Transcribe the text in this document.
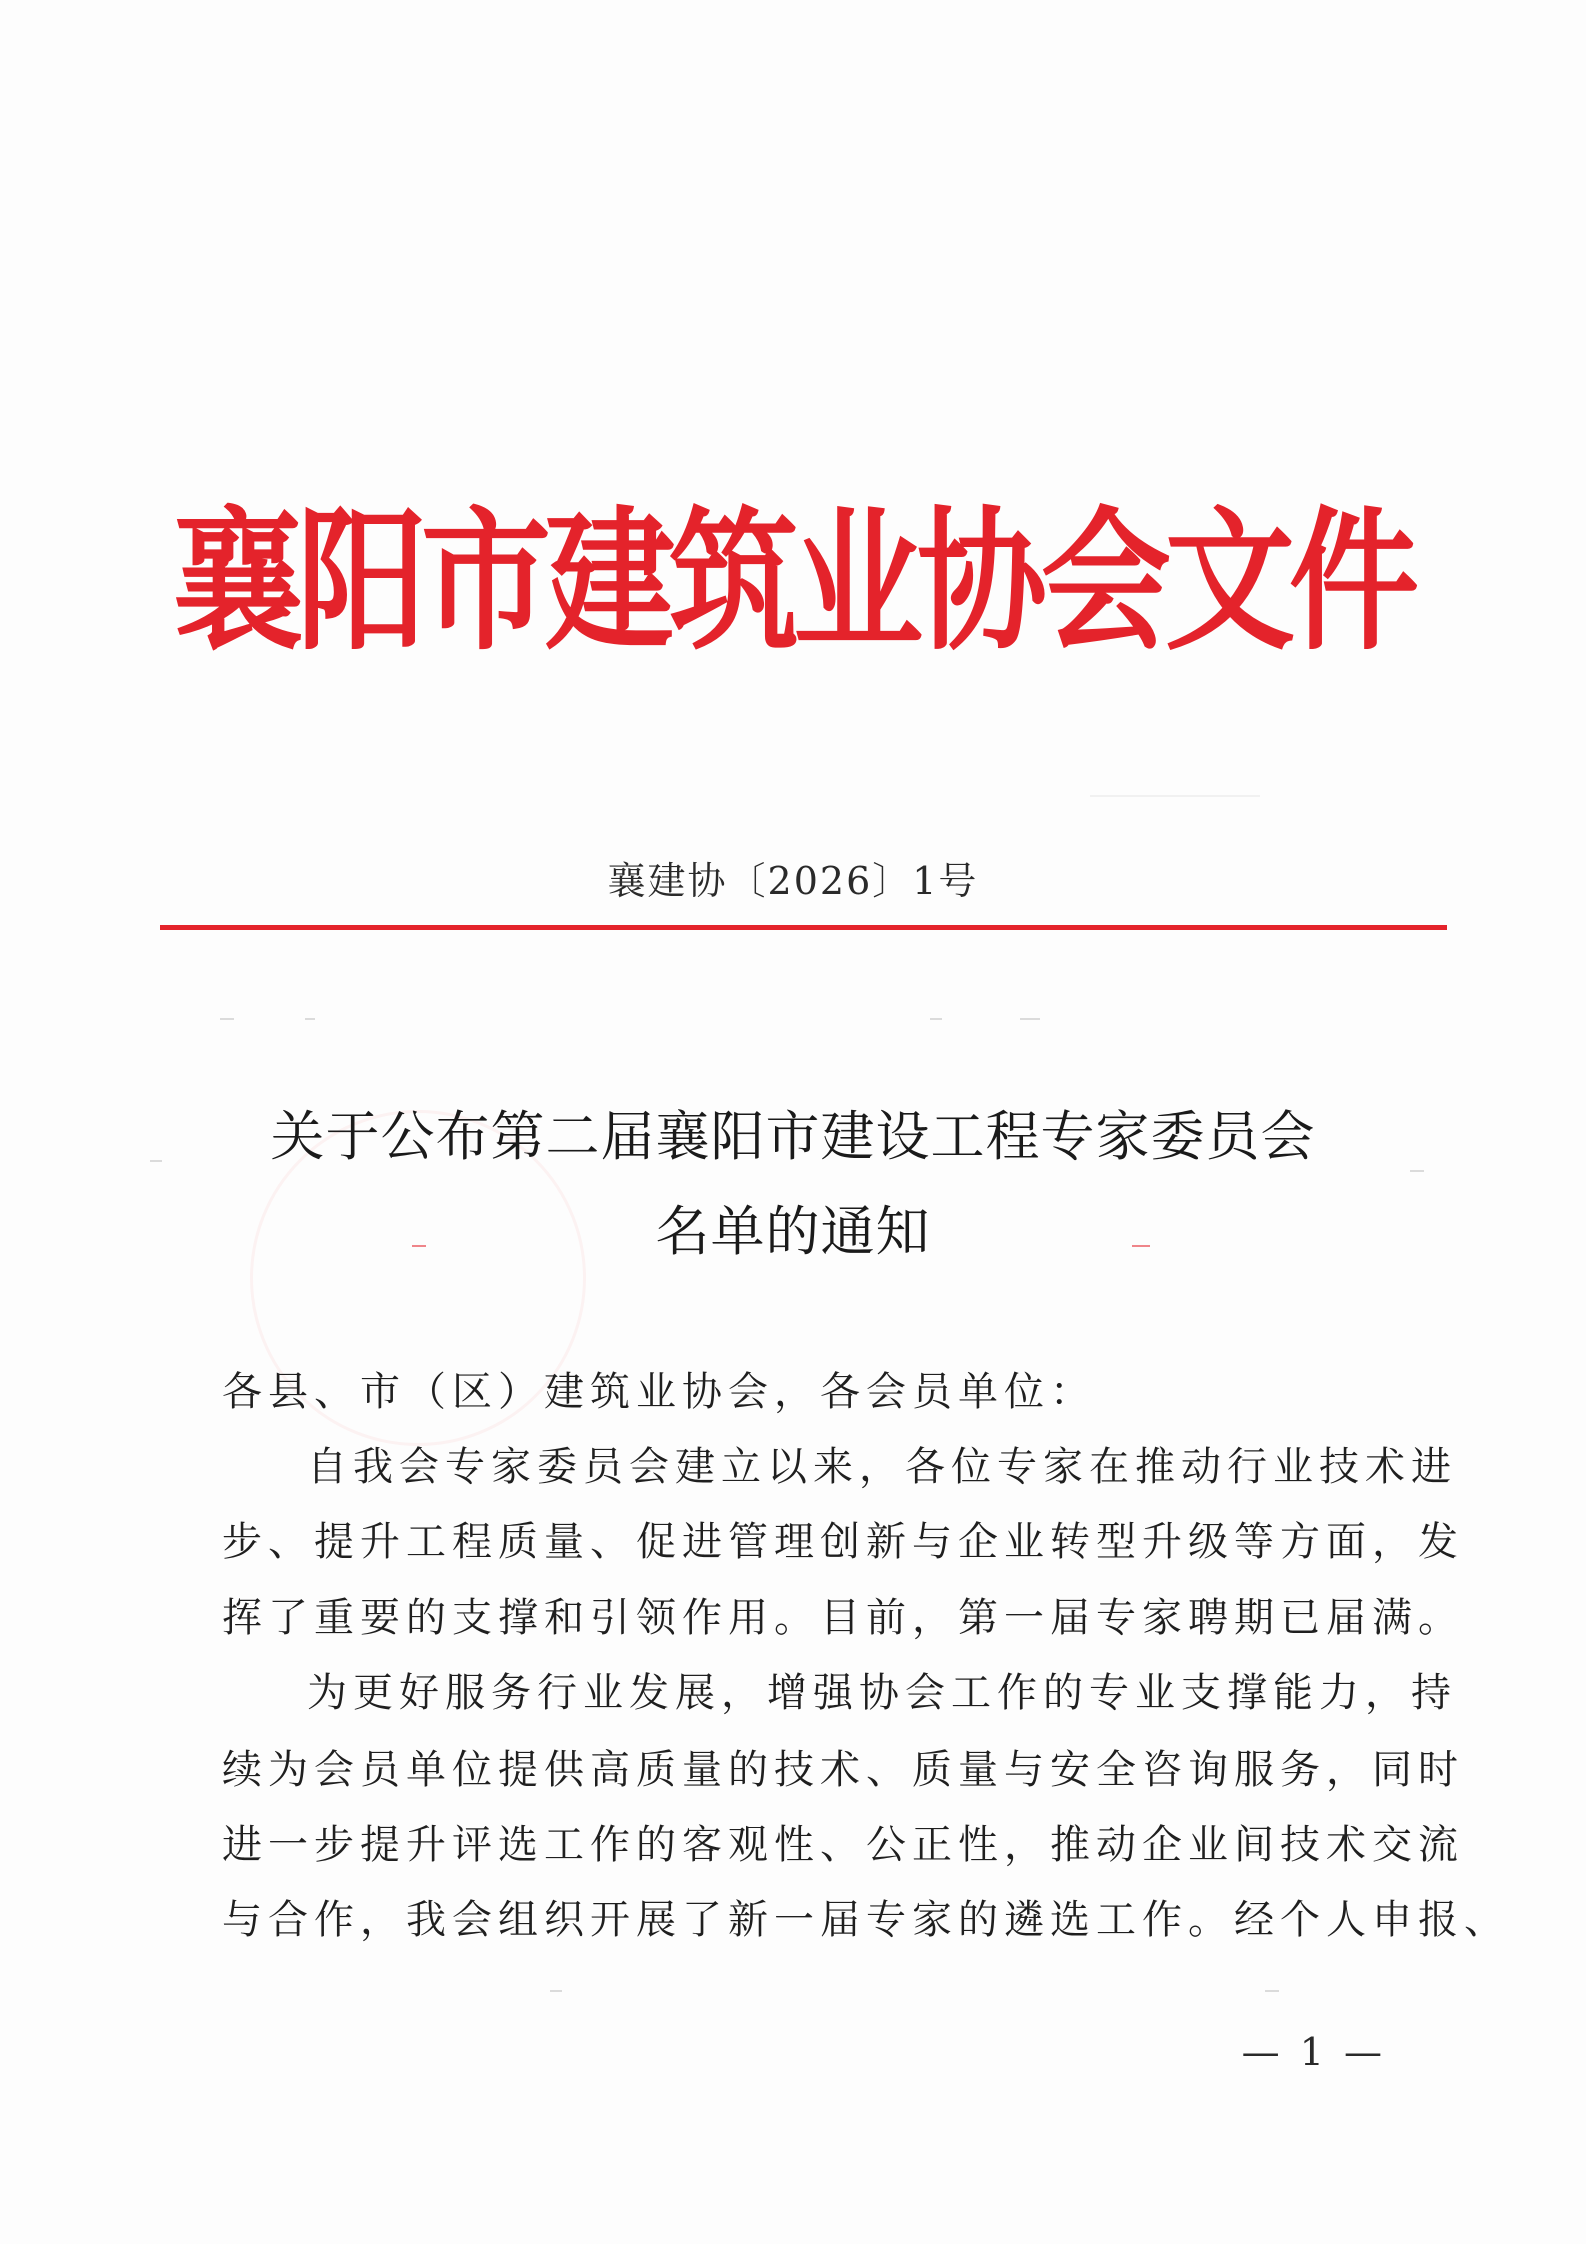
襄阳市建筑业协会文件
襄建协〔2026〕1号
关于公布第二届襄阳市建设工程专家委员会
名单的通知
各县、市（区）建筑业协会，各会员单位：
自我会专家委员会建立以来，各位专家在推动行业技术进
步、提升工程质量、促进管理创新与企业转型升级等方面，发
挥了重要的支撑和引领作用。目前，第一届专家聘期已届满。
为更好服务行业发展，增强协会工作的专业支撑能力，持
续为会员单位提供高质量的技术、质量与安全咨询服务，同时
进一步提升评选工作的客观性、公正性，推动企业间技术交流
与合作，我会组织开展了新一届专家的遴选工作。经个人申报、
— 1 —
